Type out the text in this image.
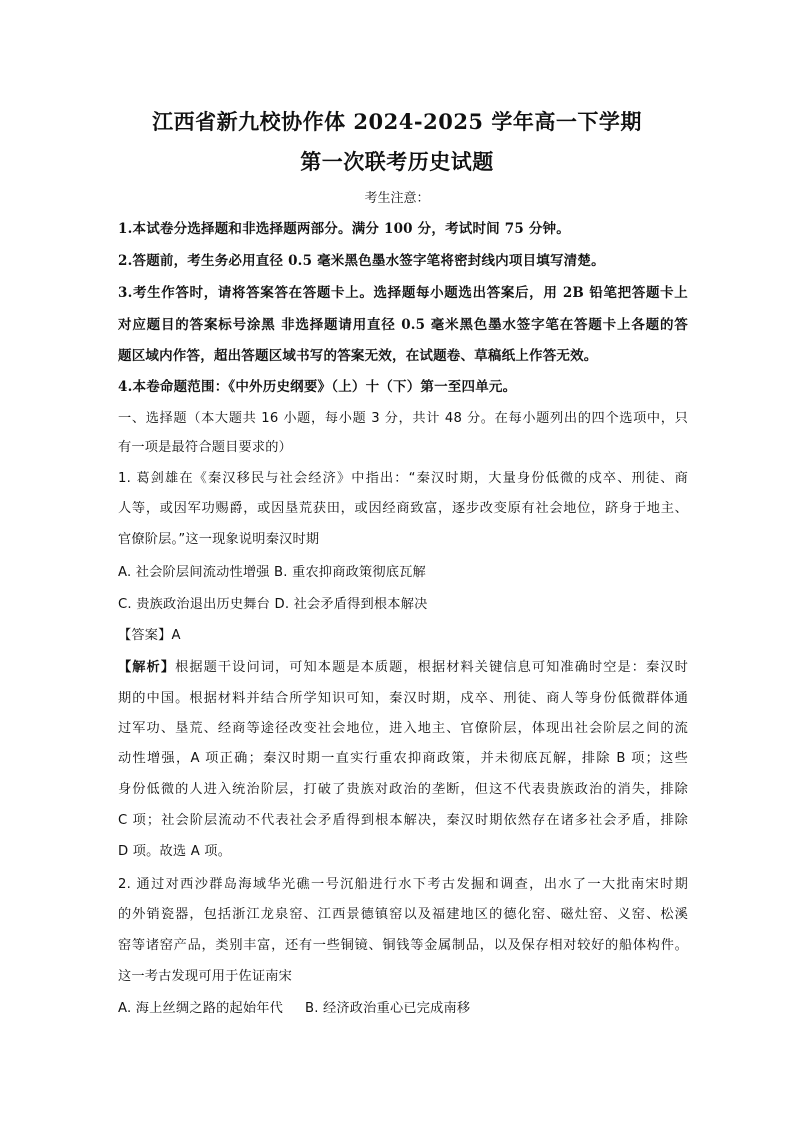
江西省新九校协作体 2024-2025 学年高一下学期
第一次联考历史试题
考生注意：
1.本试卷分选择题和非选择题两部分。满分 100 分，考试时间 75 分钟。
2.答题前，考生务必用直径 0.5 毫米黑色墨水签字笔将密封线内项目填写清楚。
3.考生作答时，请将答案答在答题卡上。选择题每小题选出答案后，用 2B 铅笔把答题卡上
对应题目的答案标号涂黑 非选择题请用直径 0.5 毫米黑色墨水签字笔在答题卡上各题的答
题区域内作答，超出答题区域书写的答案无效，在试题卷、草稿纸上作答无效。
4.本卷命题范围：《中外历史纲要》（上）十（下）第一至四单元。
一、选择题（本大题共 16 小题，每小题 3 分，共计 48 分。在每小题列出的四个选项中，只
有一项是最符合题目要求的）
1. 葛剑雄在《秦汉移民与社会经济》中指出：“秦汉时期，大量身份低微的戍卒、刑徒、商
人等，或因军功赐爵，或因垦荒获田，或因经商致富，逐步改变原有社会地位，跻身于地主、
官僚阶层。”这一现象说明秦汉时期
A. 社会阶层间流动性增强 B. 重农抑商政策彻底瓦解
C. 贵族政治退出历史舞台 D. 社会矛盾得到根本解决
【答案】A
【解析】根据题干设问词，可知本题是本质题，根据材料关键信息可知准确时空是：秦汉时
期的中国。根据材料并结合所学知识可知，秦汉时期，戍卒、刑徒、商人等身份低微群体通
过军功、垦荒、经商等途径改变社会地位，进入地主、官僚阶层，体现出社会阶层之间的流
动性增强，A 项正确；秦汉时期一直实行重农抑商政策，并未彻底瓦解，排除 B 项；这些
身份低微的人进入统治阶层，打破了贵族对政治的垄断，但这不代表贵族政治的消失，排除
C 项；社会阶层流动不代表社会矛盾得到根本解决，秦汉时期依然存在诸多社会矛盾，排除
D 项。故选 A 项。
2. 通过对西沙群岛海域华光礁一号沉船进行水下考古发掘和调查，出水了一大批南宋时期
的外销瓷器，包括浙江龙泉窑、江西景德镇窑以及福建地区的德化窑、磁灶窑、义窑、松溪
窑等诸窑产品，类别丰富，还有一些铜镜、铜钱等金属制品，以及保存相对较好的船体构件。
这一考古发现可用于佐证南宋
A. 海上丝绸之路的起始年代     B. 经济政治重心已完成南移
